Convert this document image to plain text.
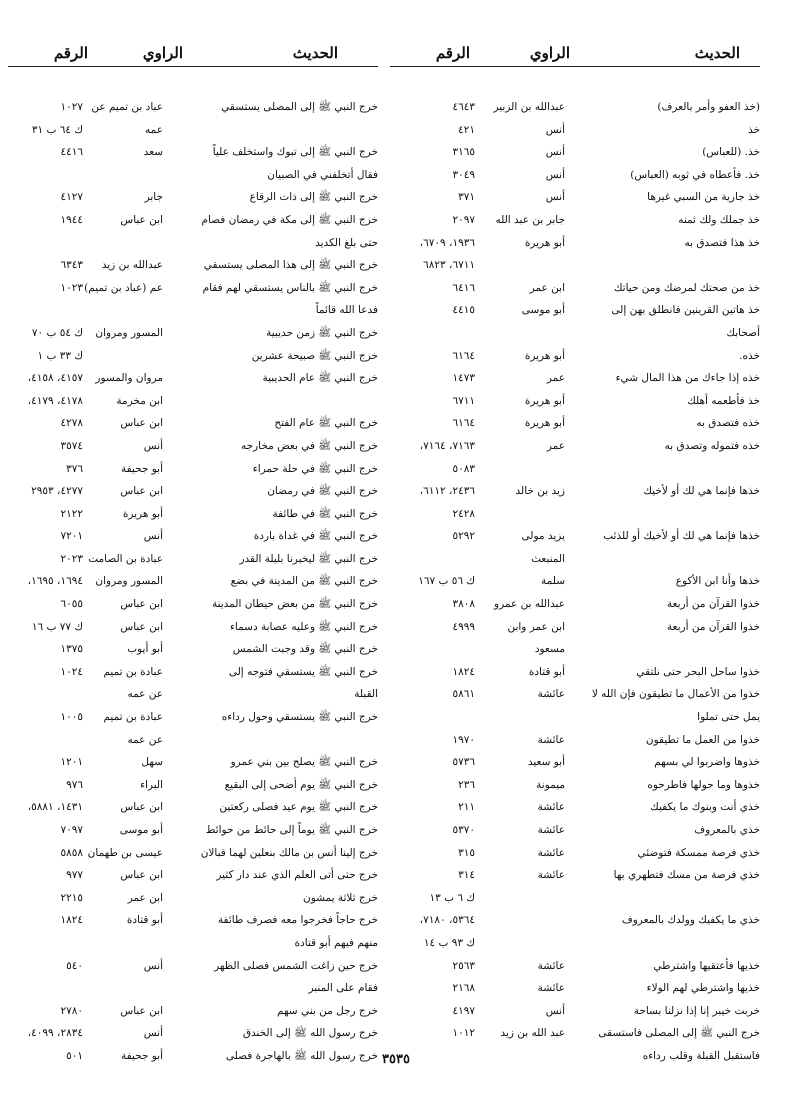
الحديث
الراوي
الرقم
(خذ العفو وأمر بالعرف)
عبدالله بن الزبير
٤٦٤٣
خذ
أنس
٤٢١
خذ. (للعباس)
أنس
٣١٦٥
خذ. فأعطاه في ثوبه (العباس)
أنس
٣٠٤٩
خذ جارية من السبي غيرها
أنس
٣٧١
خذ جملك ولك ثمنه
جابر بن عبد الله
٢٠٩٧
خذ هذا فتصدق به
أبو هريرة
١٩٣٦، ٦٧٠٩،
٦٧١١، ٦٨٢٣
خذ من صحتك لمرضك ومن حياتك
ابن عمر
٦٤١٦
خذ هاتين القرينين فانطلق بهن إلى
أبو موسى
٤٤١٥
أصحابك
خذه.
أبو هريرة
٦١٦٤
خذه إذا جاءك من هذا المال شيء
عمر
١٤٧٣
خذ فأطعمه أهلك
أبو هريرة
٦٧١١
خذه فتصدق به
أبو هريرة
٦١٦٤
خذه فتموله وتصدق به
عمر
٧١٦٣، ٧١٦٤،
٥٠٨٣
خذها فإنما هي لك أو لأخيك
زيد بن خالد
٢٤٣٦، ٦١١٢،
٢٤٢٨
خذها فإنما هي لك أو لأخيك أو للذئب
يزيد مولى
٥٢٩٢
المنبعث
خذها وأنا ابن الأكوع
سلمة
ك ٥٦ ب ١٦٧
خذوا القرآن من أربعة
عبدالله بن عمرو
٣٨٠٨
خذوا القرآن من أربعة
ابن عمر وابن
٤٩٩٩
مسعود
خذوا ساحل البحر حتى نلتقي
أبو قتادة
١٨٢٤
خذوا من الأعمال ما تطيقون فإن الله لا
عائشة
٥٨٦١
يمل حتى تملوا
خذوا من العمل ما تطيقون
عائشة
١٩٧٠
خذوها واضربوا لي بسهم
أبو سعيد
٥٧٣٦
خذوها وما حولها فاطرحوه
ميمونة
٢٣٦
خذي أنت وبنوك ما يكفيك
عائشة
٢١١
خذي بالمعروف
عائشة
٥٣٧٠
خذي فرصة ممسكة فتوضئي
عائشة
٣١٥
خذي فرصة من مسك فتطهري بها
عائشة
٣١٤
ك ٦ ب ١٣
خذي ما يكفيك وولدك بالمعروف
٥٣٦٤، ٧١٨٠،
ك ٩٣ ب ١٤
خذيها فأعتقيها واشترطي
عائشة
٢٥٦٣
خذيها واشترطي لهم الولاء
عائشة
٢١٦٨
خربت خيبر إنا إذا نزلنا بساحة
أنس
٤١٩٧
خرج النبي ﷺ إلى المصلى فاستسقى
عبد الله بن زيد
١٠١٢
فاستقبل القبلة وقلب رداءه
الحديث
الراوي
الرقم
خرج النبي ﷺ إلى المصلى يستسقي
عباد بن تميم عن
١٠٢٧
عمه
ك ٦٤ ب ٣١
خرج النبي ﷺ إلى تبوك واستخلف علياً
سعد
٤٤١٦
فقال أتخلفني في الصبيان
خرج النبي ﷺ إلى ذات الرقاع
جابر
٤١٢٧
خرج النبي ﷺ إلى مكة في رمضان فصام
ابن عباس
١٩٤٤
حتى بلغ الكديد
خرج النبي ﷺ إلى هذا المصلى يستسقي
عبدالله بن زيد
٦٣٤٣
خرج النبي ﷺ بالناس يستسقي لهم فقام
عم (عباد بن تميم)
١٠٢٣
فدعا الله قائماً
خرج النبي ﷺ زمن حديبية
المسور ومروان
ك ٥٤ ب ٧٠
خرج النبي ﷺ صبيحة عشرين
ك ٣٣ ب ١
خرج النبي ﷺ عام الحديبية
مروان والمسور
٤١٥٧، ٤١٥٨،
ابن مخرمة
٤١٧٨، ٤١٧٩،
خرج النبي ﷺ عام الفتح
ابن عباس
٤٢٧٨
خرج النبي ﷺ في بعض مخارجه
أنس
٣٥٧٤
خرج النبي ﷺ في حلة حمراء
أبو جحيفة
٣٧٦
خرج النبي ﷺ في رمضان
ابن عباس
٤٢٧٧، ٢٩٥٣
خرج النبي ﷺ في طائفة
أبو هريرة
٢١٢٢
خرج النبي ﷺ في غداة باردة
أنس
٧٢٠١
خرج النبي ﷺ ليخبرنا بليلة القدر
عبادة بن الصامت
٢٠٢٣
خرج النبي ﷺ من المدينة في بضع
المسور ومروان
١٦٩٤، ١٦٩٥،
خرج النبي ﷺ من بعض حيطان المدينة
ابن عباس
٦٠٥٥
خرج النبي ﷺ وعليه عصابة دسماء
ابن عباس
ك ٧٧ ب ١٦
خرج النبي ﷺ وقد وجبت الشمس
أبو أيوب
١٣٧٥
خرج النبي ﷺ يستسقي فتوجه إلى
عبادة بن تميم
١٠٢٤
القبلة
عن عمه
خرج النبي ﷺ يستسقي وحول رداءه
عبادة بن تميم
١٠٠٥
عن عمه
خرج النبي ﷺ يصلح بين بني عمرو
سهل
١٢٠١
خرج النبي ﷺ يوم أضحى إلى البقيع
البراء
٩٧٦
خرج النبي ﷺ يوم عيد فصلى ركعتين
ابن عباس
١٤٣١، ٥٨٨١،
خرج النبي ﷺ يوماً إلى حائط من حوائط
أبو موسى
٧٠٩٧
خرج إلينا أنس بن مالك بنعلين لهما قبالان
عيسى بن طهمان
٥٨٥٨
خرج حتى أتى العلم الذي عند دار كثير
ابن عباس
٩٧٧
خرج ثلاثة يمشون
ابن عمر
٢٢١٥
خرج حاجاً فخرجوا معه فصرف طائفة
أبو قتادة
١٨٢٤
منهم فيهم أبو قتادة
خرج حين زاغت الشمس فصلى الظهر
أنس
٥٤٠
فقام على المنبر
خرج رجل من بني سهم
ابن عباس
٢٧٨٠
خرج رسول الله ﷺ إلى الخندق
أنس
٢٨٣٤، ٤٠٩٩،
خرج رسول الله ﷺ بالهاجرة فصلى
أبو جحيفة
٥٠١	٣٥٣٥
